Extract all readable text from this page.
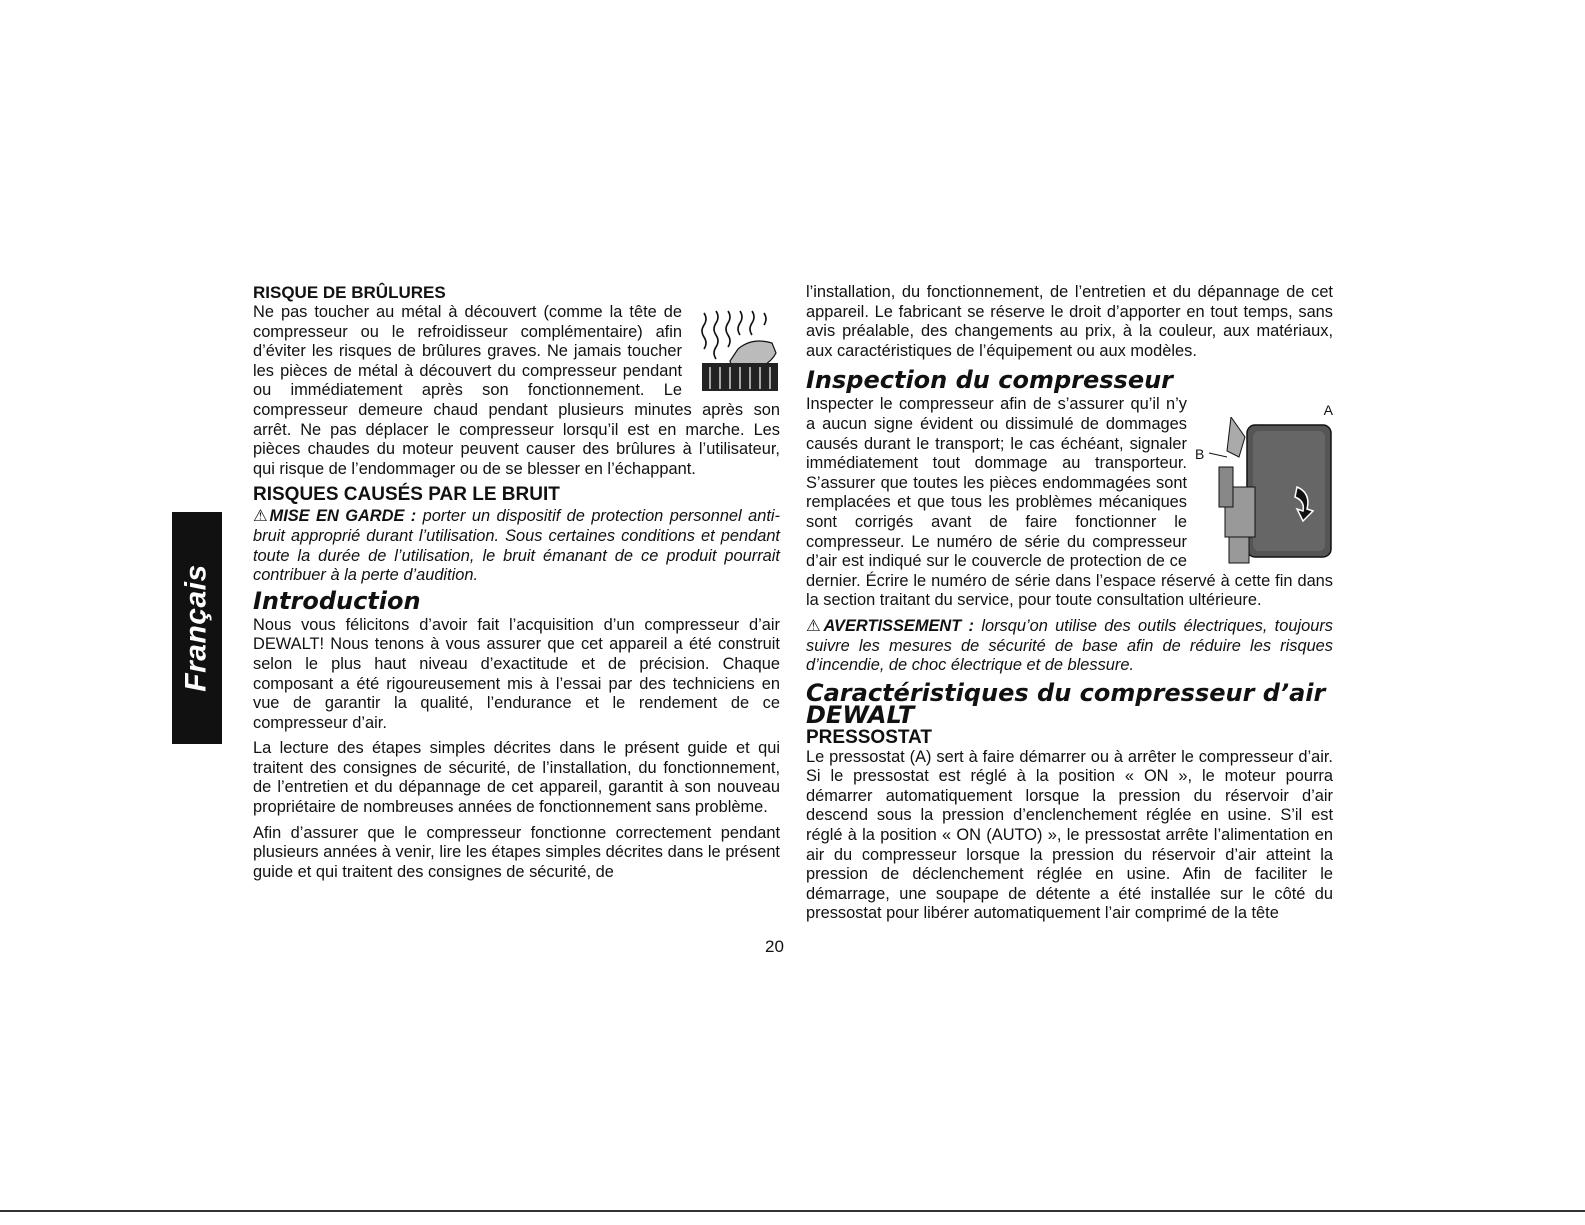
Français
RISQUE DE BRÛLURES

Ne pas toucher au métal à découvert (comme la tête de compresseur ou le refroidisseur complémentaire) afin d’éviter les risques de brûlures graves. Ne jamais toucher les pièces de métal à découvert du compresseur pendant ou immédiatement après son fonctionnement. Le compresseur demeure chaud pendant plusieurs minutes après son arrêt. Ne pas déplacer le compresseur lorsqu’il est en marche. Les pièces chaudes du moteur peuvent causer des brûlures à l’utilisateur, qui risque de l’endommager ou de se blesser en l’échappant.

RISQUES CAUSÉS PAR LE BRUIT
⚠MISE EN GARDE : porter un dispositif de protection personnel anti-bruit approprié durant l’utilisation. Sous certaines conditions et pendant toute la durée de l’utilisation, le bruit émanant de ce produit pourrait contribuer à la perte d’audition.
Introduction

Nous vous félicitons d’avoir fait l’acquisition d’un compresseur d’air DEWALT! Nous tenons à vous assurer que cet appareil a été construit selon le plus haut niveau d’exactitude et de précision. Chaque composant a été rigoureusement mis à l’essai par des techniciens en vue de garantir la qualité, l’endurance et le rendement de ce compresseur d’air.

La lecture des étapes simples décrites dans le présent guide et qui traitent des consignes de sécurité, de l’installation, du fonctionnement, de l’entretien et du dépannage de cet appareil, garantit à son nouveau propriétaire de nombreuses années de fonctionnement sans problème.

Afin d’assurer que le compresseur fonctionne correctement pendant plusieurs années à venir, lire les étapes simples décrites dans le présent guide et qui traitent des consignes de sécurité, de

l’installation, du fonctionnement, de l’entretien et du dépannage de cet appareil. Le fabricant se réserve le droit d’apporter en tout temps, sans avis préalable, des changements au prix, à la couleur, aux matériaux, aux caractéristiques de l’équipement ou aux modèles.

Inspection du compresseur
A
B

Inspecter le compresseur afin de s’assurer qu’il n’y a aucun signe évident ou dissimulé de dommages causés durant le transport; le cas échéant, signaler immédiatement tout dommage au transporteur. S’assurer que toutes les pièces endommagées sont remplacées et que tous les problèmes mécaniques sont corrigés avant de faire fonctionner le compresseur. Le numéro de série du compresseur d’air est indiqué sur le couvercle de protection de ce dernier. Écrire le numéro de série dans l’espace réservé à cette fin dans la section traitant du service, pour toute consultation ultérieure.

⚠AVERTISSEMENT : lorsqu’on utilise des outils électriques, toujours suivre les mesures de sécurité de base afin de réduire les risques d’incendie, de choc électrique et de blessure.
Caractéristiques du compresseur d’air
DEWALT
PRESSOSTAT

Le pressostat (A) sert à faire démarrer ou à arrêter le compresseur d’air. Si le pressostat est réglé à la position « ON », le moteur pourra démarrer automatiquement lorsque la pression du réservoir d’air descend sous la pression d’enclenchement réglée en usine. S’il est réglé à la position « ON (AUTO) », le pressostat arrête l’alimentation en air du compresseur lorsque la pression du réservoir d’air atteint la pression de déclenchement réglée en usine. Afin de faciliter le démarrage, une soupape de détente a été installée sur le côté du pressostat pour libérer automatiquement l’air comprimé de la tête

20
